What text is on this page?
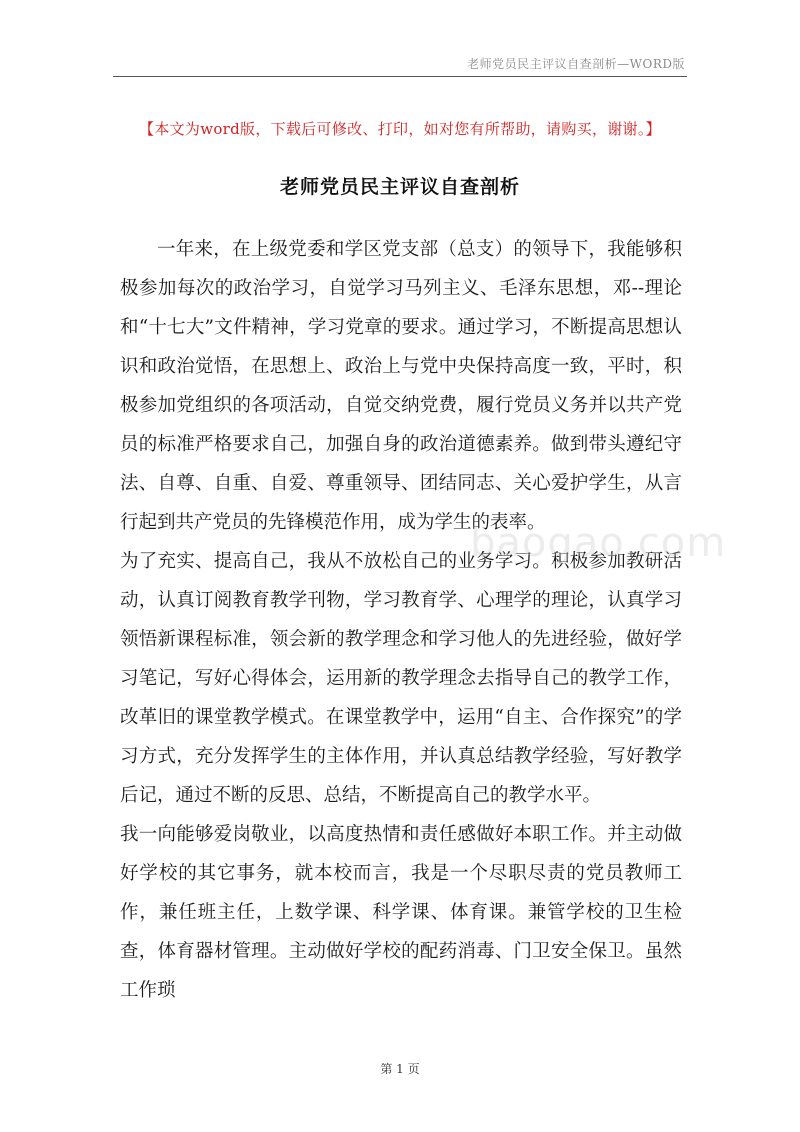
老师党员民主评议自查剖析—WORD版
【本文为word版，下载后可修改、打印，如对您有所帮助，请购买，谢谢。】
老师党员民主评议自查剖析

一年来，在上级党委和学区党支部（总支）的领导下，我能够积极参加每次的政治学习，自觉学习马列主义、毛泽东思想，邓--理论和“十七大”文件精神，学习党章的要求。通过学习，不断提高思想认识和政治觉悟，在思想上、政治上与党中央保持高度一致，平时，积极参加党组织的各项活动，自觉交纳党费，履行党员义务并以共产党员的标准严格要求自己，加强自身的政治道德素养。做到带头遵纪守法、自尊、自重、自爱、尊重领导、团结同志、关心爱护学生，从言行起到共产党员的先锋模范作用，成为学生的表率。

为了充实、提高自己，我从不放松自己的业务学习。积极参加教研活动，认真订阅教育教学刊物，学习教育学、心理学的理论，认真学习领悟新课程标准，领会新的教学理念和学习他人的先进经验，做好学习笔记，写好心得体会，运用新的教学理念去指导自己的教学工作，改革旧的课堂教学模式。在课堂教学中，运用“自主、合作探究”的学习方式，充分发挥学生的主体作用，并认真总结教学经验，写好教学后记，通过不断的反思、总结，不断提高自己的教学水平。

我一向能够爱岗敬业，以高度热情和责任感做好本职工作。并主动做好学校的其它事务，就本校而言，我是一个尽职尽责的党员教师工作，兼任班主任，上数学课、科学课、体育课。兼管学校的卫生检查，体育器材管理。主动做好学校的配药消毒、门卫安全保卫。虽然工作琐

baogao.com
第 1 页
